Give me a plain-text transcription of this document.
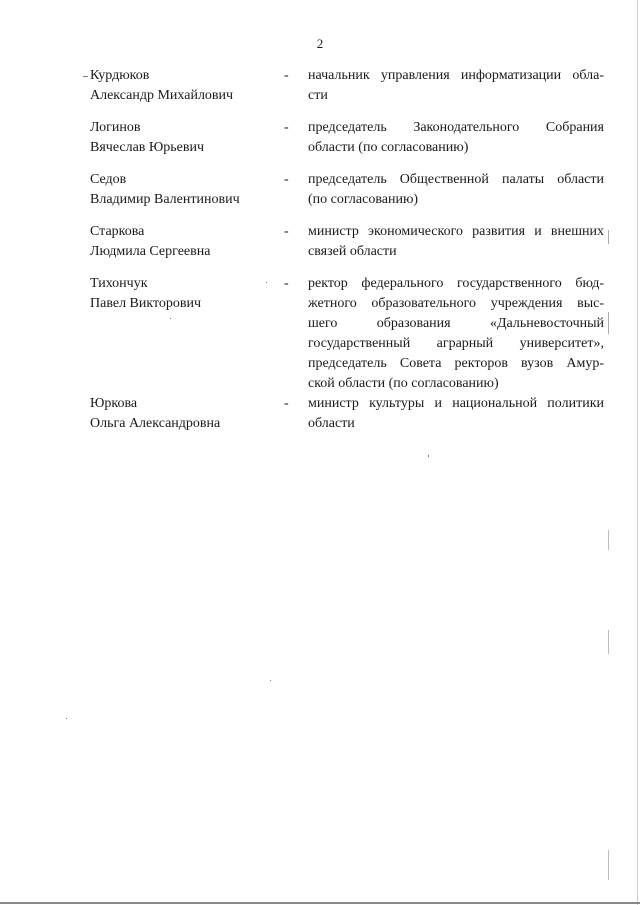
2
Курдюков
Александр Михайлович
- начальник управления информатизации обла-
сти
Логинов
Вячеслав Юрьевич
- председатель Законодательного Собрания
области (по согласованию)
Седов
Владимир Валентинович
- председатель Общественной палаты области
(по согласованию)
Старкова
Людмила Сергеевна
- министр экономического развития и внешних
связей области
Тихончук
Павел Викторович
- ректор федерального государственного бюд-
жетного образовательного учреждения выс-
шего образования «Дальневосточный
государственный аграрный университет»,
председатель Совета ректоров вузов Амур-
ской области (по согласованию)
Юркова
Ольга Александровна
- министр культуры и национальной политики
области
